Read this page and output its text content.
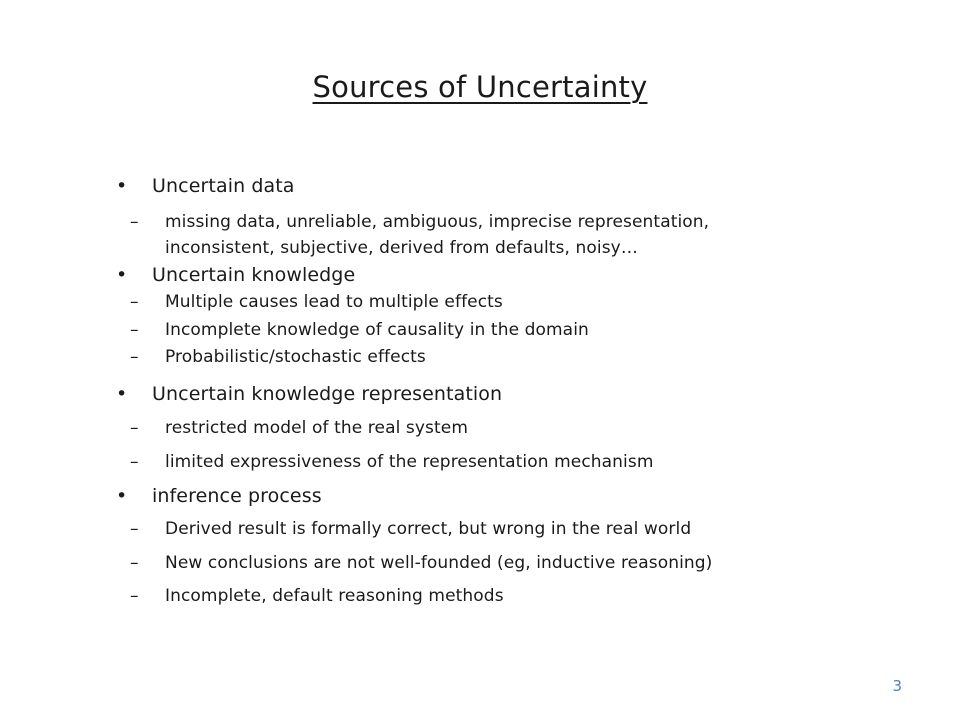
Sources of Uncertainty
• Uncertain data
– missing data, unreliable, ambiguous, imprecise representation,
inconsistent, subjective, derived from defaults, noisy…
• Uncertain knowledge
– Multiple causes lead to multiple effects
– Incomplete knowledge of causality in the domain
– Probabilistic/stochastic effects
• Uncertain knowledge representation
– restricted model of the real system
– limited expressiveness of the representation mechanism
• inference process
– Derived result is formally correct, but wrong in the real world
– New conclusions are not well-founded (eg, inductive reasoning)
– Incomplete, default reasoning methods
3
